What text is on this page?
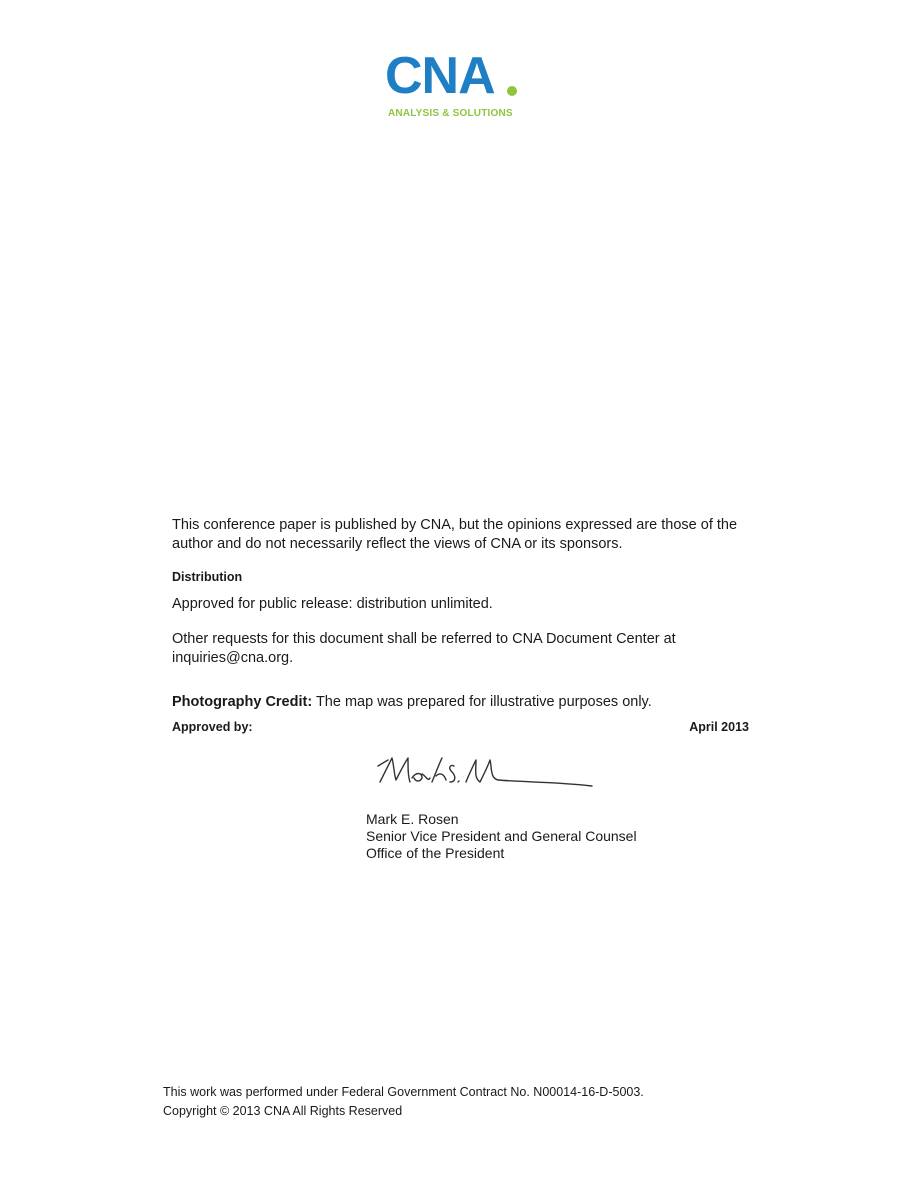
CNA
ANALYSIS & SOLUTIONS
This conference paper is published by CNA, but the opinions expressed are those of the author and do not necessarily reflect the views of CNA or its sponsors.
Distribution
Approved for public release: distribution unlimited.
Other requests for this document shall be referred to CNA Document Center at inquiries@cna.org.
Photography Credit: The map was prepared for illustrative purposes only.
Approved by:	April 2013
Mark E. Rosen
Senior Vice President and General Counsel
Office of the President
This work was performed under Federal Government Contract No. N00014-16-D-5003.
Copyright © 2013 CNA All Rights Reserved
